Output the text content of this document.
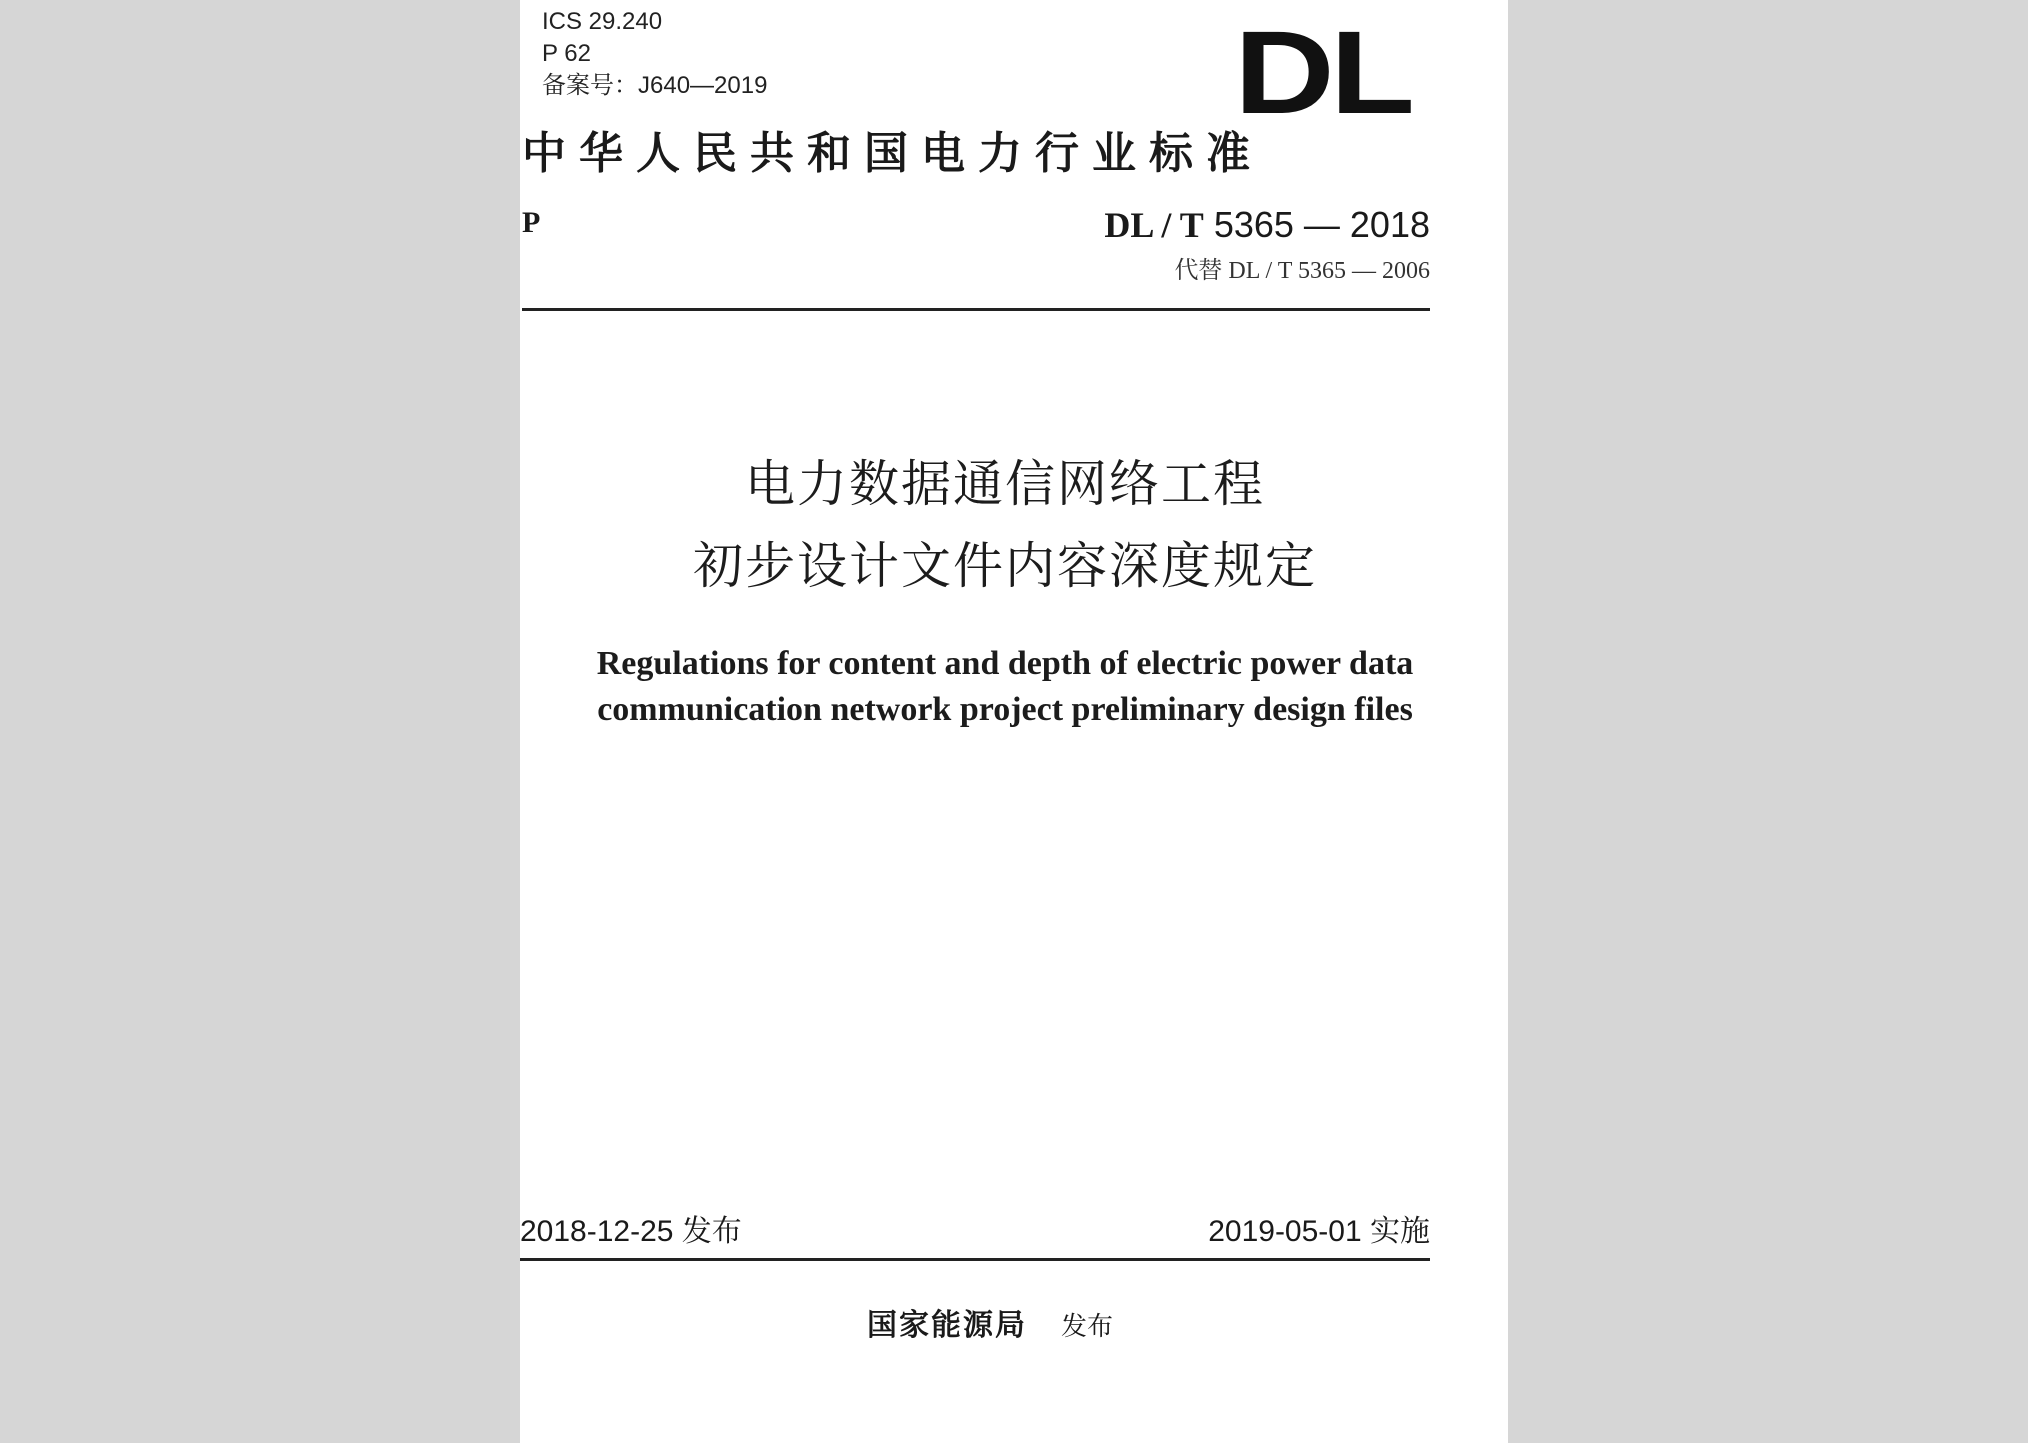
ICS 29.240
P 62
备案号：J640—2019	DL
中华人民共和国电力行业标准
P	DL / T 5365 — 2018
代替 DL / T 5365 — 2006
电力数据通信网络工程
初步设计文件内容深度规定
Regulations for content and depth of electric power data
communication network project preliminary design files
2018-12-25 发布	2019-05-01 实施
国家能源局 发布
